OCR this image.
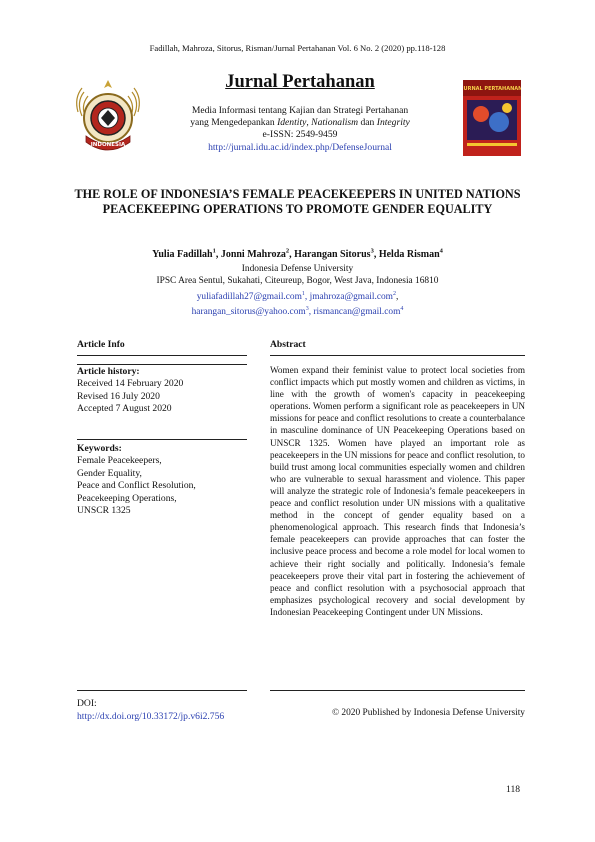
Fadillah, Mahroza, Sitorus, Risman/Jurnal Pertahanan Vol. 6 No. 2 (2020) pp.118-128
INDONESIA
Jurnal Pertahanan
Media Informasi tentang Kajian dan Strategi Pertahanan
yang Mengedepankan Identity, Nationalism dan Integrity
e-ISSN: 2549-9459
http://jurnal.idu.ac.id/index.php/DefenseJournal
JURNAL PERTAHANAN
THE ROLE OF INDONESIA’S FEMALE PEACEKEEPERS IN UNITED NATIONS PEACEKEEPING OPERATIONS TO PROMOTE GENDER EQUALITY
Yulia Fadillah$^1$, Jonni Mahroza$^2$, Harangan Sitorus$^3$, Helda Risman$^4$
Indonesia Defense University
IPSC Area Sentul, Sukahati, Citeureup, Bogor, West Java, Indonesia 16810
yuliafadillah27@gmail.com$^1$, jmahroza@gmail.com$^2$,
harangan_sitorus@yahoo.com$^3$, rismancan@gmail.com$^4$
Article Info	Abstract
Article history:
Received 14 February 2020
Revised 16 July 2020
Accepted 7 August 2020
Keywords:
Female Peacekeepers,
Gender Equality,
Peace and Conflict Resolution,
Peacekeeping Operations,
UNSCR 1325
Women expand their feminist value to protect local societies from conflict impacts which put mostly women and children as victims, in line with the growth of women's capacity in peacekeeping operations. Women perform a significant role as peacekeepers in UN missions for peace and conflict resolutions to create a counterbalance in masculine dominance of UN Peacekeeping Operations based on UNSCR 1325. Women have played an important role as peacekeepers in the UN missions for peace and conflict resolution, to build trust among local communities especially women and children who are vulnerable to sexual harassment and violence. This paper will analyze the strategic role of Indonesia’s female peacekeepers in peace and conflict resolution under UN missions with a qualitative method in the concept of gender equality based on a phenomenological approach. This research finds that Indonesia’s female peacekeepers can provide approaches that can foster the inclusive peace process and become a role model for local women to achieve their right socially and politically. Indonesia’s female peacekeepers prove their vital part in fostering the achievement of peace and conflict resolution with a psychosocial approach that emphasizes psychological recovery and social development by Indonesian Peacekeeping Contingent under UN Missions.
DOI:
http://dx.doi.org/10.33172/jp.v6i2.756	© 2020 Published by Indonesia Defense University
118
